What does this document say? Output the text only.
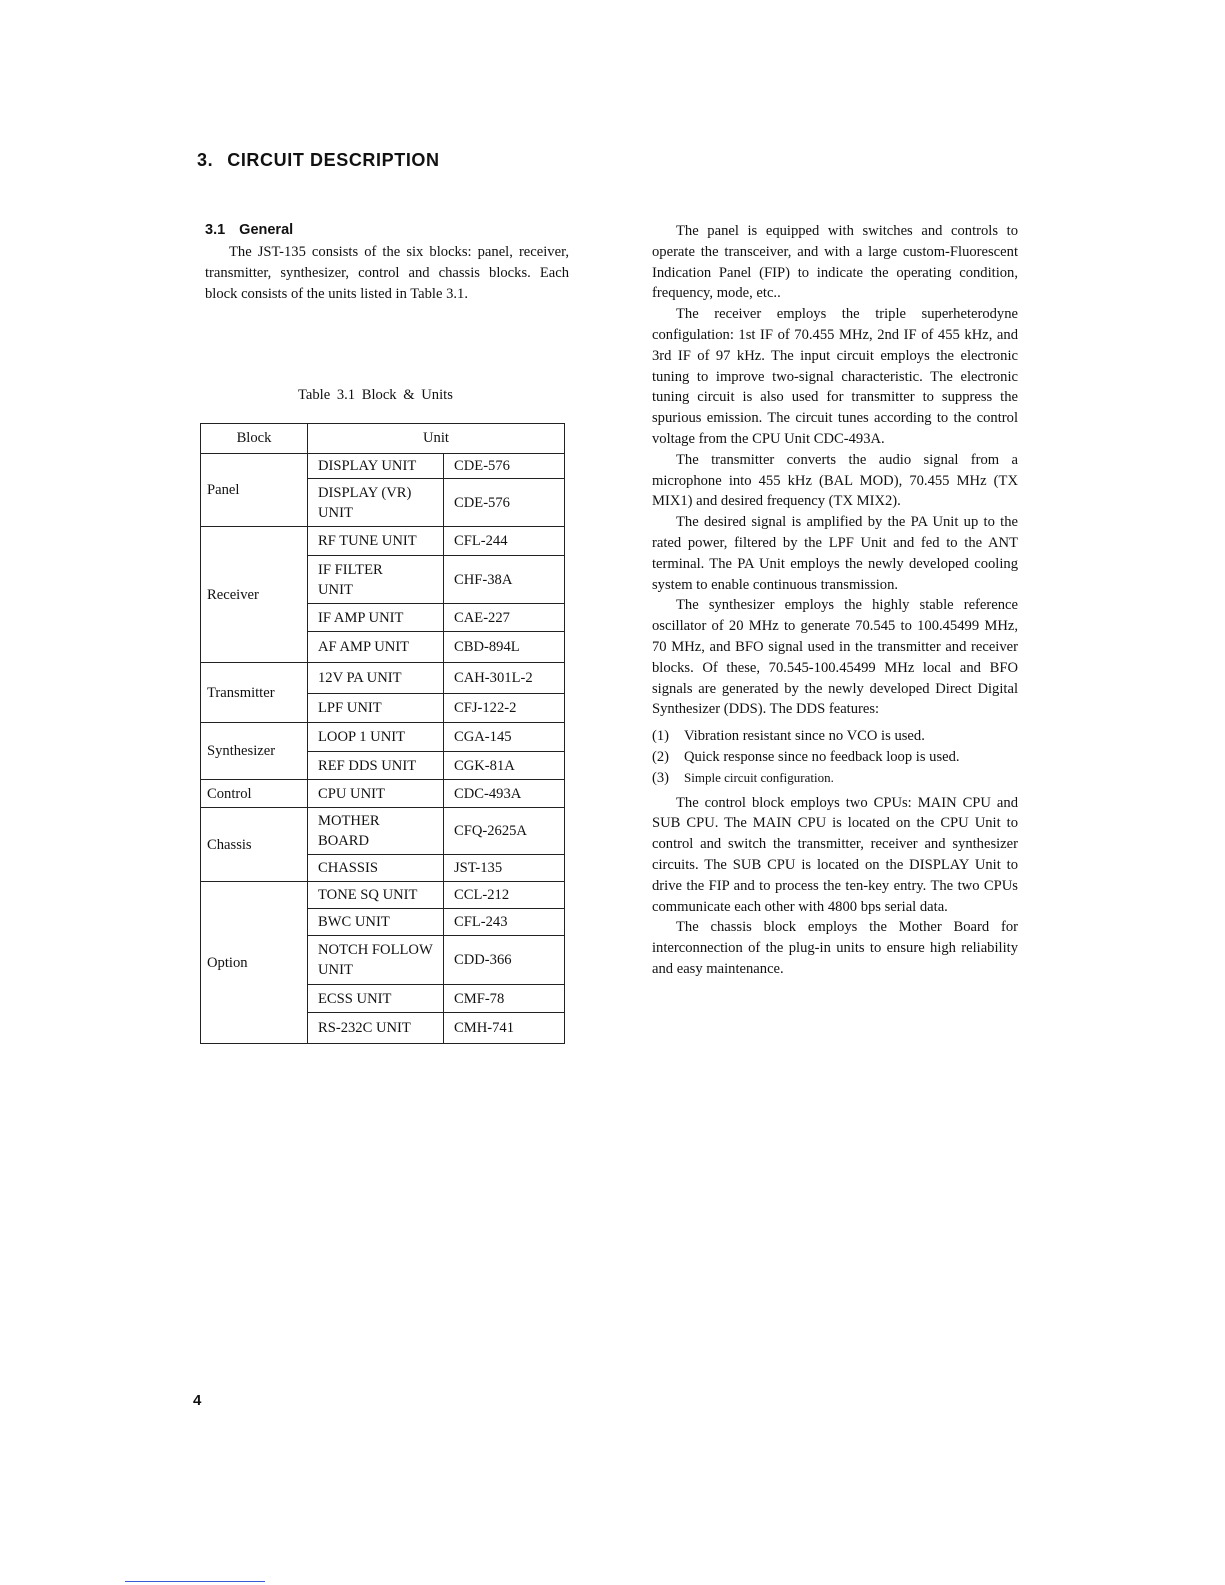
3. CIRCUIT DESCRIPTION
3.1 General

The JST-135 consists of the six blocks: panel, receiver, transmitter, synthesizer, control and chassis blocks. Each block consists of the units listed in Table 3.1.

Table 3.1 Block & Units
Block	Unit	
Panel	DISPLAY UNIT	CDE-576
	DISPLAY (VR) UNIT	CDE-576
Receiver	RF TUNE UNIT	CFL-244
	IF FILTER UNIT	CHF-38A
	IF AMP UNIT	CAE-227
	AF AMP UNIT	CBD-894L
Transmitter	12V PA UNIT	CAH-301L-2
	LPF UNIT	CFJ-122-2
Synthesizer	LOOP 1 UNIT	CGA-145
	REF DDS UNIT	CGK-81A
Control	CPU UNIT	CDC-493A
Chassis	MOTHER BOARD	CFQ-2625A
	CHASSIS	JST-135
Option	TONE SQ UNIT	CCL-212
	BWC UNIT	CFL-243
	NOTCH FOLLOW UNIT	CDD-366
	ECSS UNIT	CMF-78
	RS-232C UNIT	CMH-741

The panel is equipped with switches and controls to operate the transceiver, and with a large custom-Fluorescent Indication Panel (FIP) to indicate the operating condition, frequency, mode, etc..

The receiver employs the triple superheterodyne configulation: 1st IF of 70.455 MHz, 2nd IF of 455 kHz, and 3rd IF of 97 kHz. The input circuit employs the electronic tuning to improve two-signal characteristic. The electronic tuning circuit is also used for transmitter to suppress the spurious emission. The circuit tunes according to the control voltage from the CPU Unit CDC-493A.

The transmitter converts the audio signal from a microphone into 455 kHz (BAL MOD), 70.455 MHz (TX MIX1) and desired frequency (TX MIX2).

The desired signal is amplified by the PA Unit up to the rated power, filtered by the LPF Unit and fed to the ANT terminal. The PA Unit employs the newly developed cooling system to enable continuous transmission.

The synthesizer employs the highly stable reference oscillator of 20 MHz to generate 70.545 to 100.45499 MHz, 70 MHz, and BFO signal used in the transmitter and receiver blocks. Of these, 70.545-100.45499 MHz local and BFO signals are generated by the newly developed Direct Digital Synthesizer (DDS). The DDS features:

(1)	Vibration resistant since no VCO is used.
(2)	Quick response since no feedback loop is used.
(3)	Simple circuit configuration.

The control block employs two CPUs: MAIN CPU and SUB CPU. The MAIN CPU is located on the CPU Unit to control and switch the transmitter, receiver and synthesizer circuits. The SUB CPU is located on the DISPLAY Unit to drive the FIP and to process the ten-key entry. The two CPUs communicate each other with 4800 bps serial data.

The chassis block employs the Mother Board for interconnection of the plug-in units to ensure high reliability and easy maintenance.

4
